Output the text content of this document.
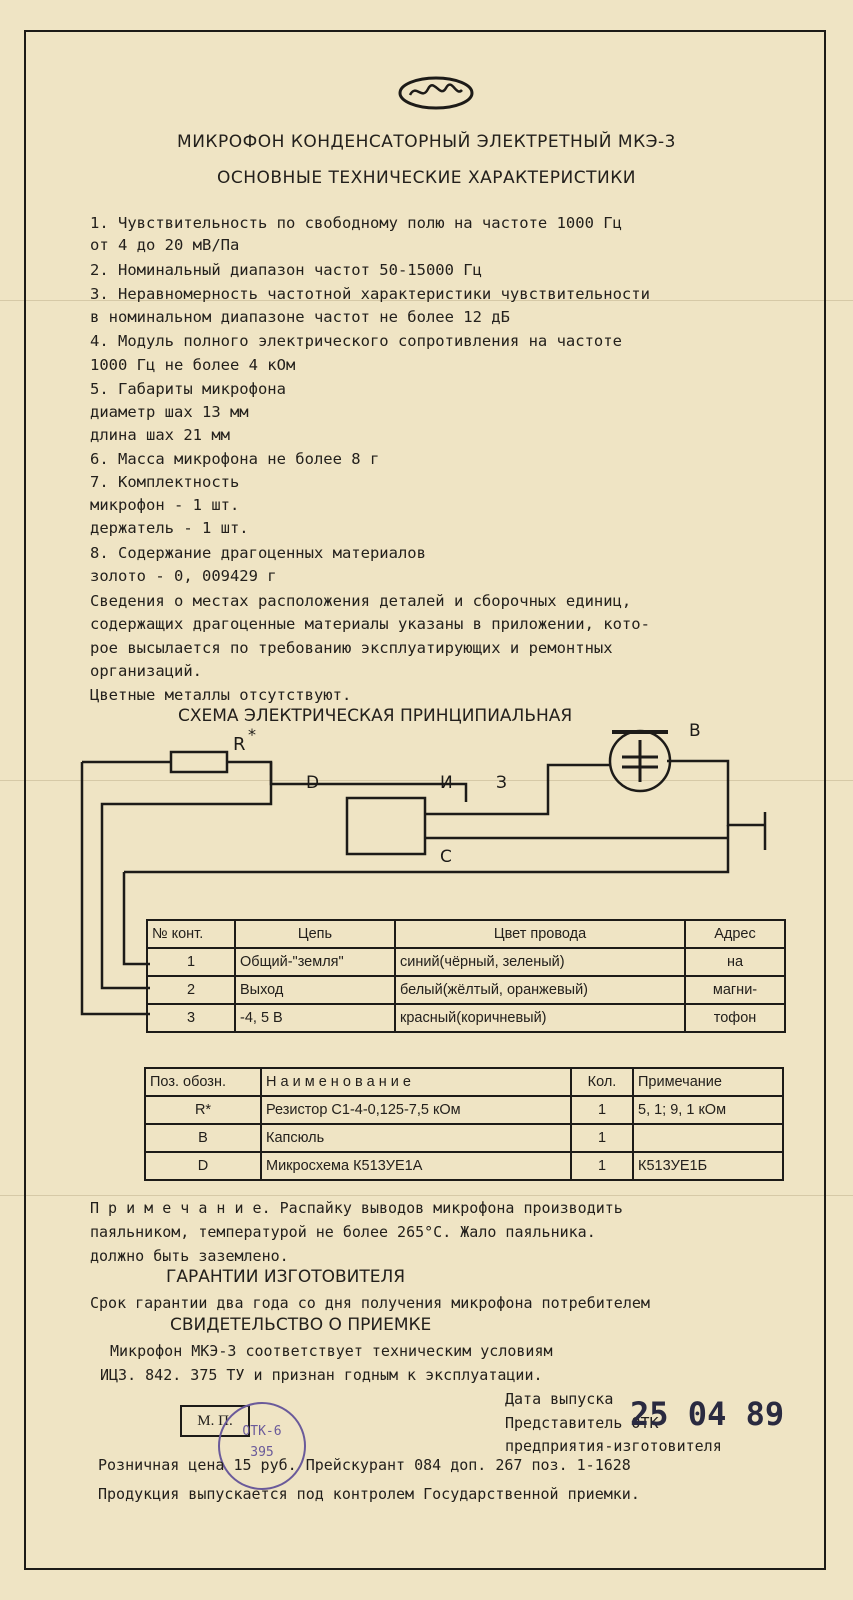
МИКРОФОН КОНДЕНСАТОРНЫЙ ЭЛЕКТРЕТНЫЙ МКЭ-3
ОСНОВНЫЕ ТЕХНИЧЕСКИЕ ХАРАКТЕРИСТИКИ
1. Чувствительность по свободному полю на частоте 1000 Гц
от 4 до 20 мВ/Па
2. Номинальный диапазон частот 50-15000 Гц
3. Неравномерность частотной характеристики чувствительности
в номинальном диапазоне частот не более 12 дБ
4. Модуль полного электрического сопротивления на частоте
1000 Гц не более 4 кОм
5. Габариты микрофона
диаметр шах 13 мм
длина шах 21 мм
6. Масса микрофона не более 8 г
7. Комплектность
микрофон - 1 шт.
держатель - 1 шт.
8. Содержание драгоценных материалов
золото - 0, 009429 г
Сведения о местах расположения деталей и сборочных единиц,
содержащих драгоценные материалы указаны в приложении, кото-
рое высылается по требованию эксплуатирующих и ремонтных
организаций.
Цветные металлы отсутствуют.
СХЕМА ЭЛЕКТРИЧЕСКАЯ ПРИНЦИПИАЛЬНАЯ
R *
D	И	З
С
В
№ конт.	Цепь	Цвет провода	Адрес
1	Общий-"земля"	синий(чёрный, зеленый)	на
2	Выход	белый(жёлтый, оранжевый)	магни-
3	-4, 5 В	красный(коричневый)	тофон
Поз. обозн.	Н а и м е н о в а н и е	Кол.	Примечание
R*	Резистор С1-4-0,125-7,5 кОм	1	5, 1; 9, 1 кОм
В	Капсюль	1	
D	Микросхема К513УЕ1А	1	К513УЕ1Б
П р и м е ч а н и е. Распайку выводов микрофона производить
паяльником, температурой не более 265°С. Жало паяльника.
должно быть заземлено.
ГАРАНТИИ ИЗГОТОВИТЕЛЯ
Срок гарантии два года со дня получения микрофона потребителем
СВИДЕТЕЛЬСТВО О ПРИЕМКЕ
Микрофон МКЭ-3 соответствует техническим условиям
ИЦЗ. 842. 375 ТУ и признан годным к эксплуатации.
Дата выпуска
Представитель ОТК
предприятия-изготовителя
25 04 89
М. П.
ОТК-6
395
Розничная цена 15 руб. Прейскурант 084 доп. 267 поз. 1-1628
Продукция выпускается под контролем Государственной приемки.
